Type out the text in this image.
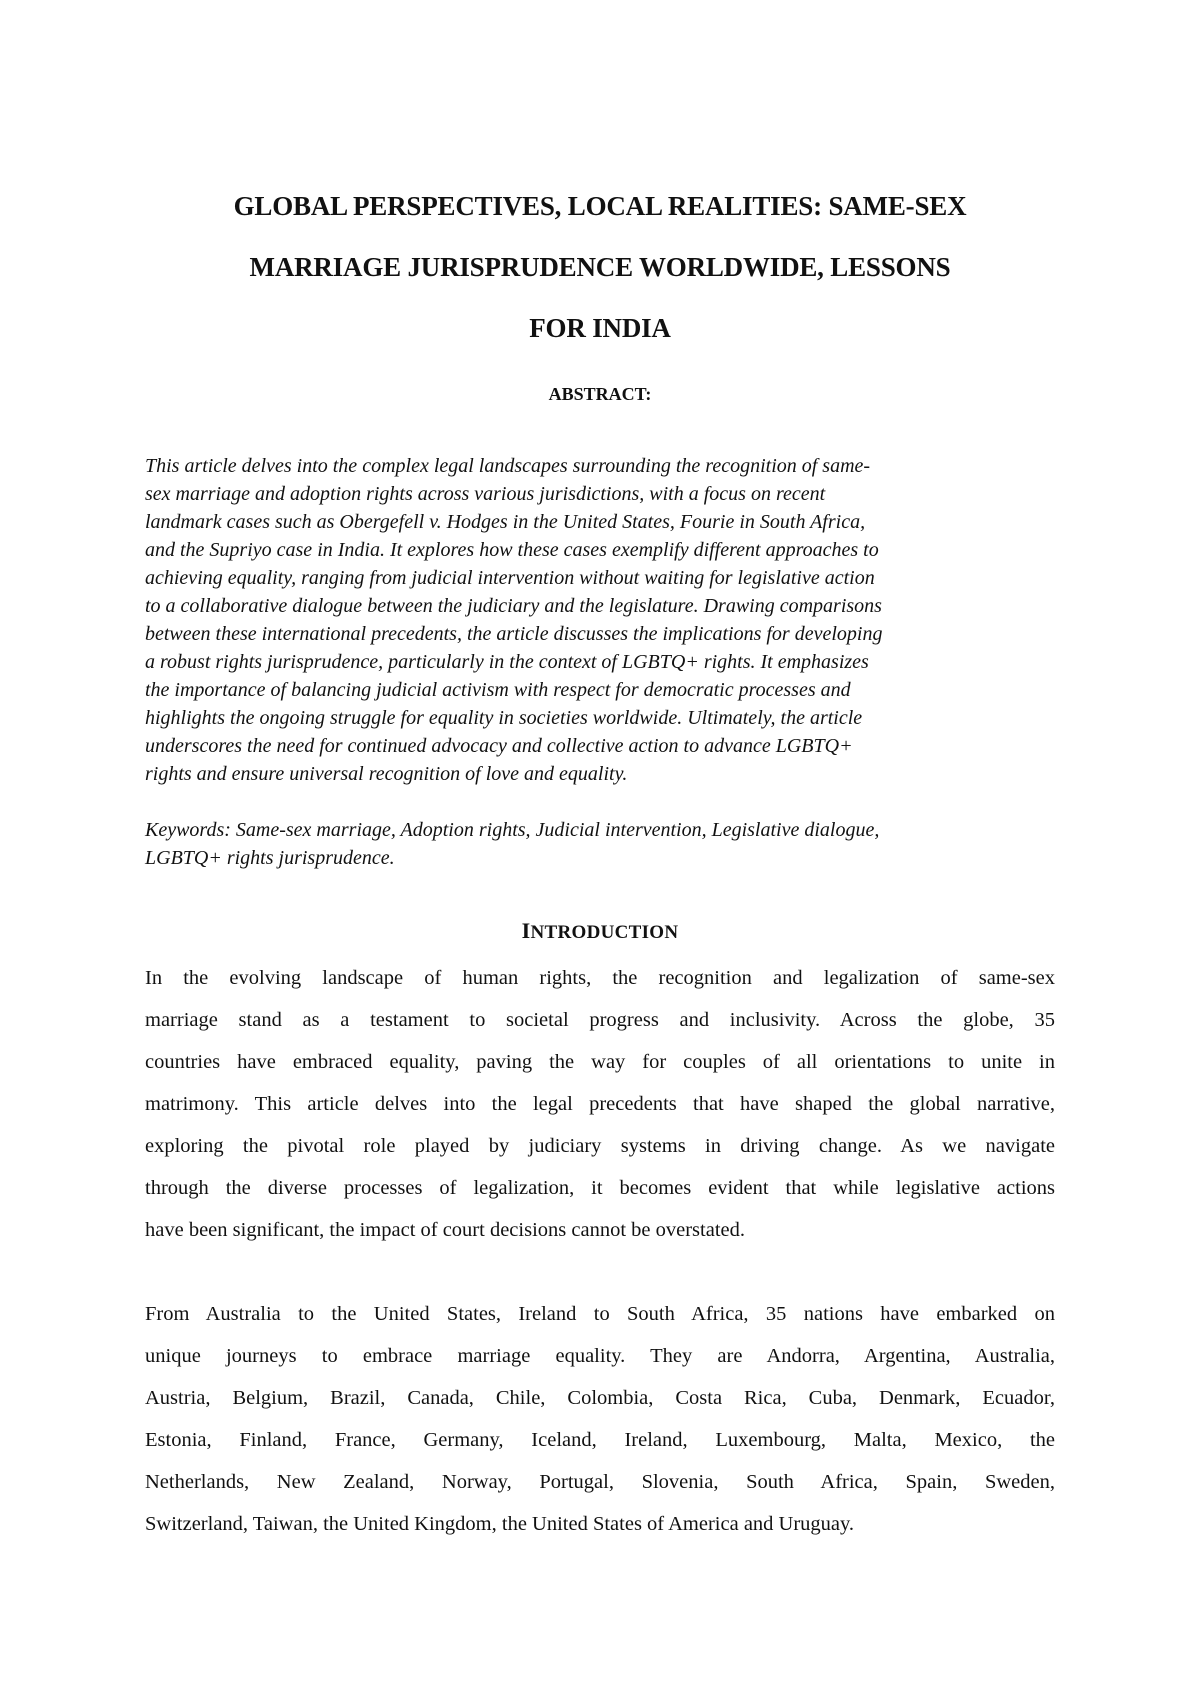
GLOBAL PERSPECTIVES, LOCAL REALITIES: SAME-SEX
MARRIAGE JURISPRUDENCE WORLDWIDE, LESSONS
FOR INDIA
ABSTRACT:
This article delves into the complex legal landscapes surrounding the recognition of same-
sex marriage and adoption rights across various jurisdictions, with a focus on recent
landmark cases such as Obergefell v. Hodges in the United States, Fourie in South Africa,
and the Supriyo case in India. It explores how these cases exemplify different approaches to
achieving equality, ranging from judicial intervention without waiting for legislative action
to a collaborative dialogue between the judiciary and the legislature. Drawing comparisons
between these international precedents, the article discusses the implications for developing
a robust rights jurisprudence, particularly in the context of LGBTQ+ rights. It emphasizes
the importance of balancing judicial activism with respect for democratic processes and
highlights the ongoing struggle for equality in societies worldwide. Ultimately, the article
underscores the need for continued advocacy and collective action to advance LGBTQ+
rights and ensure universal recognition of love and equality.
Keywords: Same-sex marriage, Adoption rights, Judicial intervention, Legislative dialogue,
LGBTQ+ rights jurisprudence.
INTRODUCTION
In the evolving landscape of human rights, the recognition and legalization of same-sex
marriage stand as a testament to societal progress and inclusivity. Across the globe, 35
countries have embraced equality, paving the way for couples of all orientations to unite in
matrimony. This article delves into the legal precedents that have shaped the global narrative,
exploring the pivotal role played by judiciary systems in driving change. As we navigate
through the diverse processes of legalization, it becomes evident that while legislative actions
have been significant, the impact of court decisions cannot be overstated.
From Australia to the United States, Ireland to South Africa, 35 nations have embarked on
unique journeys to embrace marriage equality. They are Andorra, Argentina, Australia,
Austria, Belgium, Brazil, Canada, Chile, Colombia, Costa Rica, Cuba, Denmark, Ecuador,
Estonia, Finland, France, Germany, Iceland, Ireland, Luxembourg, Malta, Mexico, the
Netherlands, New Zealand, Norway, Portugal, Slovenia, South Africa, Spain, Sweden,
Switzerland, Taiwan, the United Kingdom, the United States of America and Uruguay.
